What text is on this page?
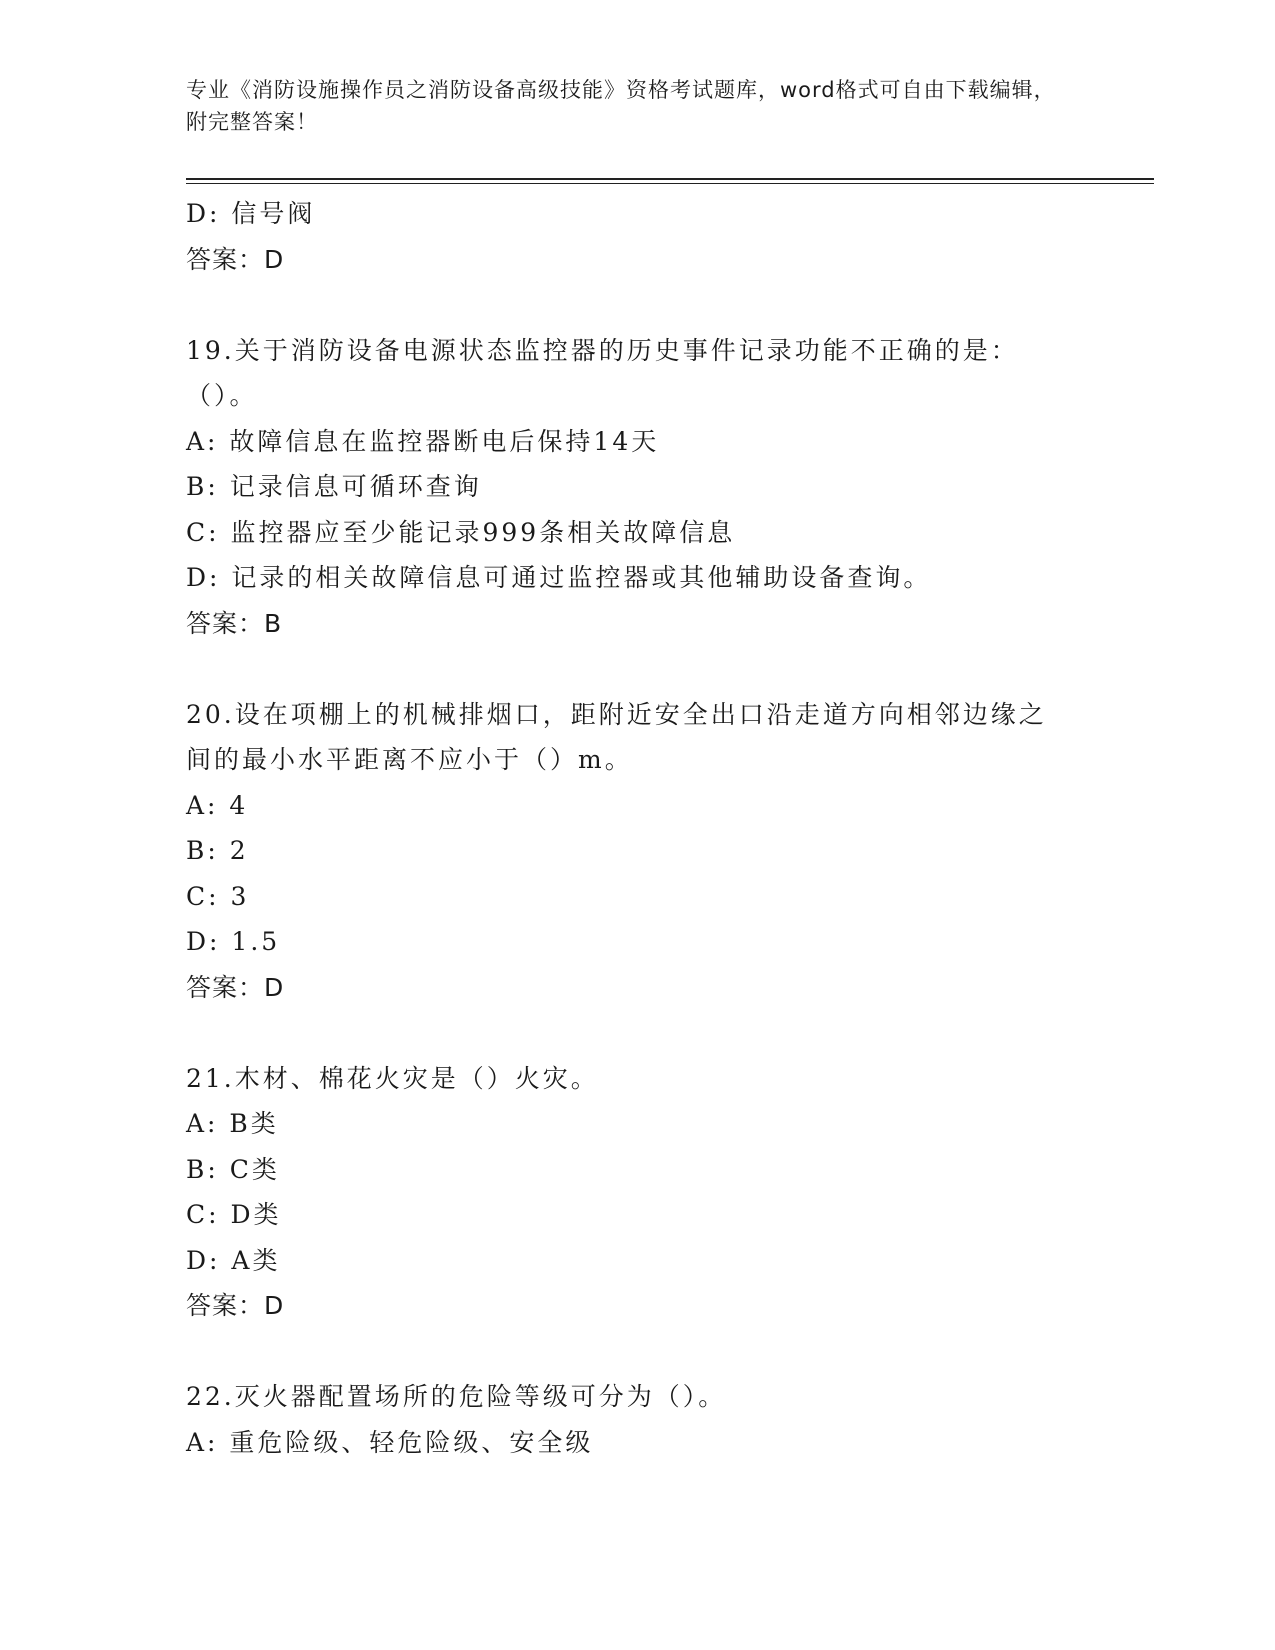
专业《消防设施操作员之消防设备高级技能》资格考试题库，word格式可自由下载编辑，附完整答案！
D: 信号阀
答案：D
19.关于消防设备电源状态监控器的历史事件记录功能不正确的是：（）。
A: 故障信息在监控器断电后保持14天
B: 记录信息可循环查询
C: 监控器应至少能记录999条相关故障信息
D: 记录的相关故障信息可通过监控器或其他辅助设备查询。
答案：B
20.设在项棚上的机械排烟口，距附近安全出口沿走道方向相邻边缘之间的最小水平距离不应小于（）m。
A: 4
B: 2
C: 3
D: 1.5
答案：D
21.木材、棉花火灾是（）火灾。
A: B类
B: C类
C: D类
D: A类
答案：D
22.灭火器配置场所的危险等级可分为（）。
A: 重危险级、轻危险级、安全级
